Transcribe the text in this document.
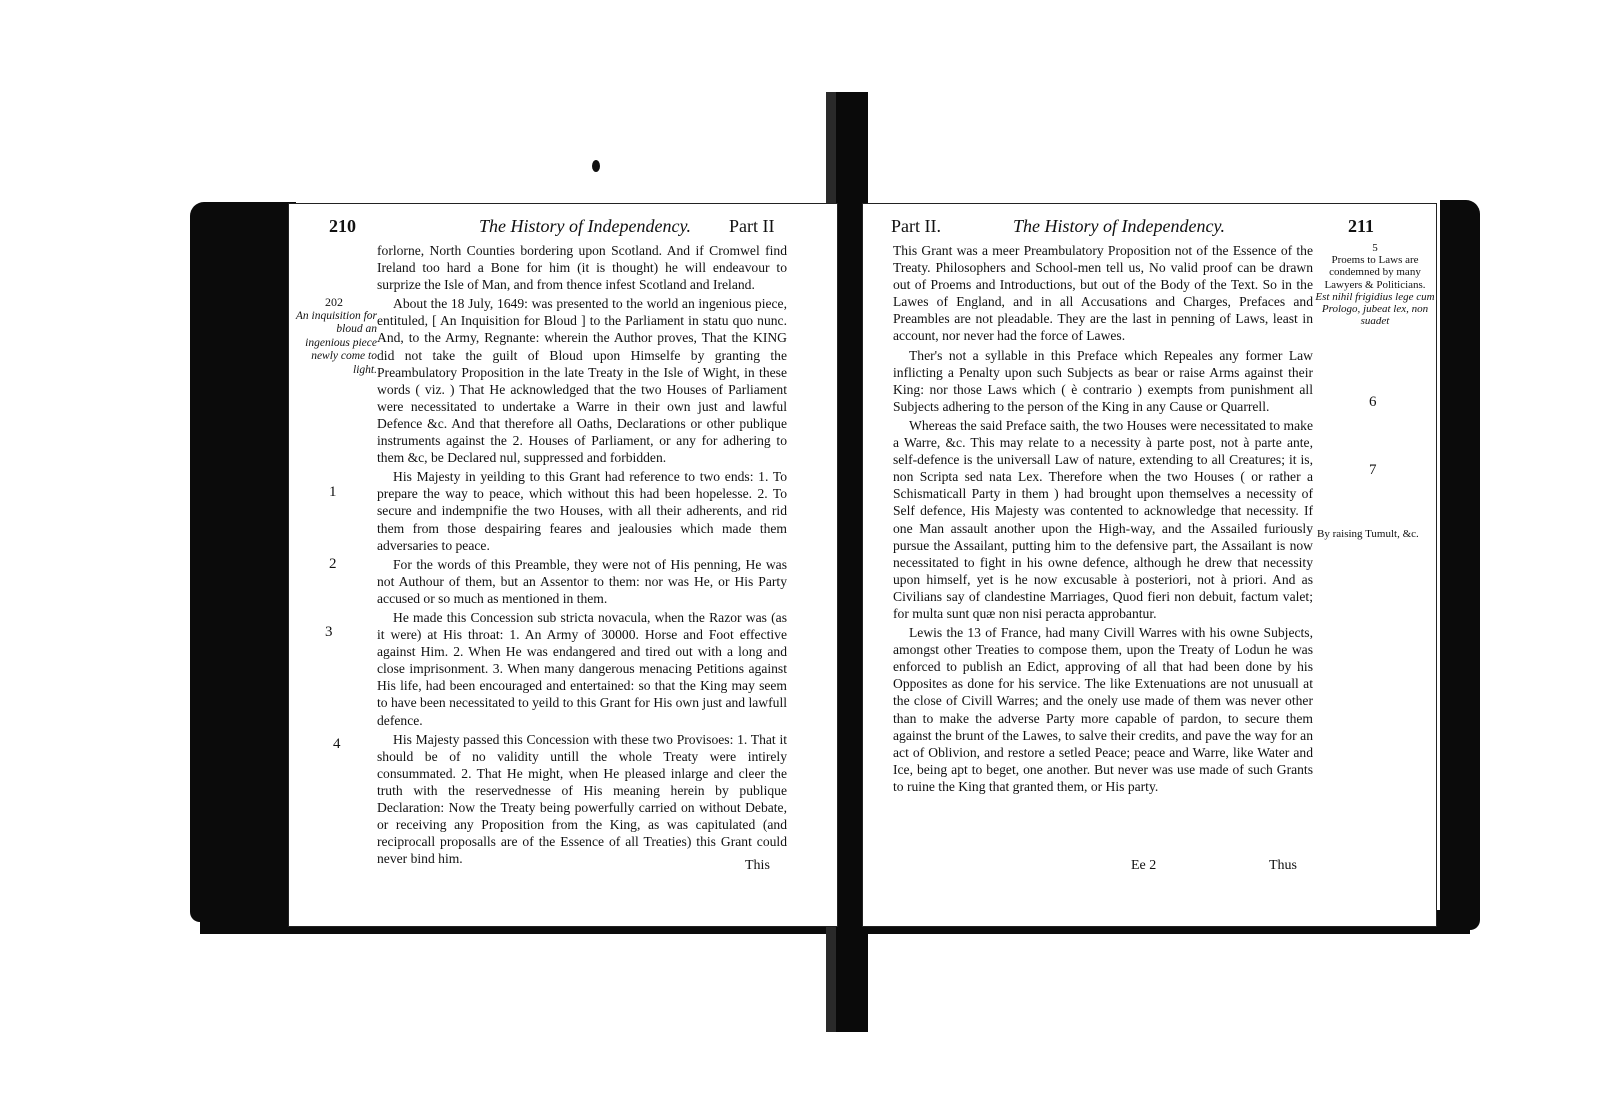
210	The History of Independency. Part II
202
An inquisition for bloud an ingenious piece newly come to light.
1
2
3
4

forlorne, North Counties bordering upon Scotland. And if Cromwel find Ireland too hard a Bone for him (it is thought) he will endeavour to surprize the Isle of Man, and from thence infest Scotland and Ireland.

About the 18 July, 1649: was presented to the world an ingenious piece, entituled, [ An Inquisition for Bloud ] to the Parliament in statu quo nunc. And, to the Army, Regnante: wherein the Author proves, That the KING did not take the guilt of Bloud upon Himselfe by granting the Preambulatory Proposition in the late Treaty in the Isle of Wight, in these words ( viz. ) That He acknowledged that the two Houses of Parliament were necessitated to undertake a Warre in their own just and lawful Defence &c. And that therefore all Oaths, Declarations or other publique instruments against the 2. Houses of Parliament, or any for adhering to them &c, be Declared nul, suppressed and forbidden.

His Majesty in yeilding to this Grant had reference to two ends: 1. To prepare the way to peace, which without this had been hopelesse. 2. To secure and indempnifie the two Houses, with all their adherents, and rid them from those despairing feares and jealousies which made them adversaries to peace.

For the words of this Preamble, they were not of His penning, He was not Authour of them, but an Assentor to them: nor was He, or His Party accused or so much as mentioned in them.

He made this Concession sub stricta novacula, when the Razor was (as it were) at His throat: 1. An Army of 30000. Horse and Foot effective against Him. 2. When He was endangered and tired out with a long and close imprisonment. 3. When many dangerous menacing Petitions against His life, had been encouraged and entertained: so that the King may seem to have been necessitated to yeild to this Grant for His own just and lawfull defence.

His Majesty passed this Concession with these two Provisoes: 1. That it should be of no validity untill the whole Treaty were intirely consummated. 2. That He might, when He pleased inlarge and cleer the truth with the reservednesse of His meaning herein by publique Declaration: Now the Treaty being powerfully carried on without Debate, or receiving any Proposition from the King, as was capitulated (and reciprocall proposalls are of the Essence of all Treaties) this Grant could never bind him.	This
Part II.	The History of Independency.	211
5
Proems to Laws are condemned by many Lawyers & Politicians.
Est nihil frigidius lege cum Prologo, jubeat lex, non suadet
6
7
By raising Tumult, &c.

This Grant was a meer Preambulatory Proposition not of the Essence of the Treaty. Philosophers and School-men tell us, No valid proof can be drawn out of Proems and Introductions, but out of the Body of the Text. So in the Lawes of England, and in all Accusations and Charges, Prefaces and Preambles are not pleadable. They are the last in penning of Laws, least in account, nor never had the force of Lawes.

Ther's not a syllable in this Preface which Repeales any former Law inflicting a Penalty upon such Subjects as bear or raise Arms against their King: nor those Laws which ( è contrario ) exempts from punishment all Subjects adhering to the person of the King in any Cause or Quarrell.

Whereas the said Preface saith, the two Houses were necessitated to make a Warre, &c. This may relate to a necessity à parte post, not à parte ante, self-defence is the universall Law of nature, extending to all Creatures; it is, non Scripta sed nata Lex. Therefore when the two Houses ( or rather a Schismaticall Party in them ) had brought upon themselves a necessity of Self defence, His Majesty was contented to acknowledge that necessity. If one Man assault another upon the High-way, and the Assailed furiously pursue the Assailant, putting him to the defensive part, the Assailant is now necessitated to fight in his owne defence, although he drew that necessity upon himself, yet is he now excusable à posteriori, not à priori. And as Civilians say of clandestine Marriages, Quod fieri non debuit, factum valet; for multa sunt quæ non nisi peracta approbantur.

Lewis the 13 of France, had many Civill Warres with his owne Subjects, amongst other Treaties to compose them, upon the Treaty of Lodun he was enforced to publish an Edict, approving of all that had been done by his Opposites as done for his service. The like Extenuations are not unusuall at the close of Civill Warres; and the onely use made of them was never other than to make the adverse Party more capable of pardon, to secure them against the brunt of the Lawes, to salve their credits, and pave the way for an act of Oblivion, and restore a setled Peace; peace and Warre, like Water and Ice, being apt to beget, one another. But never was use made of such Grants to ruine the King that granted them, or His party.

Ee 2	Thus
